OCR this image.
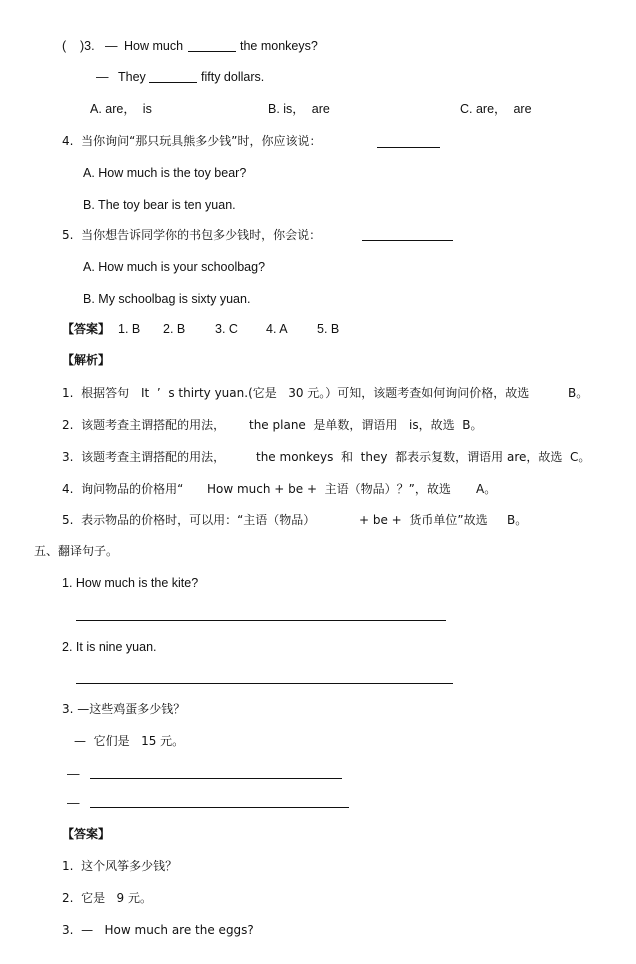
( )3. — How much	the monkeys?
— They	fifty dollars.
A. are，  is	B. is，  are	C. are，  are
4.  当你询问“那只玩具熊多少钱”时，你应该说：
A. How much is the toy bear?
B. The toy bear is ten yuan.
5.  当你想告诉同学你的书包多少钱时，你会说：
A. How much is your schoolbag?
B. My schoolbag is sixty yuan.
【答案】 1. B 2. B 3. C 4. A 5. B
【解析】
1.  根据答句 It  ’  s thirty yuan.(它是   30 元。）可知，该题考查如何询问价格，故选	B。
2.  该题考查主谓搭配的用法， the plane  是单数，谓语用 is，故选  B。
3.  该题考查主谓搭配的用法，	the monkeys  和  they  都表示复数，谓语用 are，故选  C。
4.  询问物品的价格用“ How much + be +  主语（物品）？”，故选 A。
5.  表示物品的价格时，可以用：“主语（物品）	+ be +  货币单位”故选 B。
五、翻译句子。
1. How much is the kite?
2. It is nine yuan.
3. —这些鸡蛋多少钱？
—  它们是   15 元。
—
—
【答案】
1.  这个风筝多少钱？
2.  它是   9 元。
3.  —   How much are the eggs?
